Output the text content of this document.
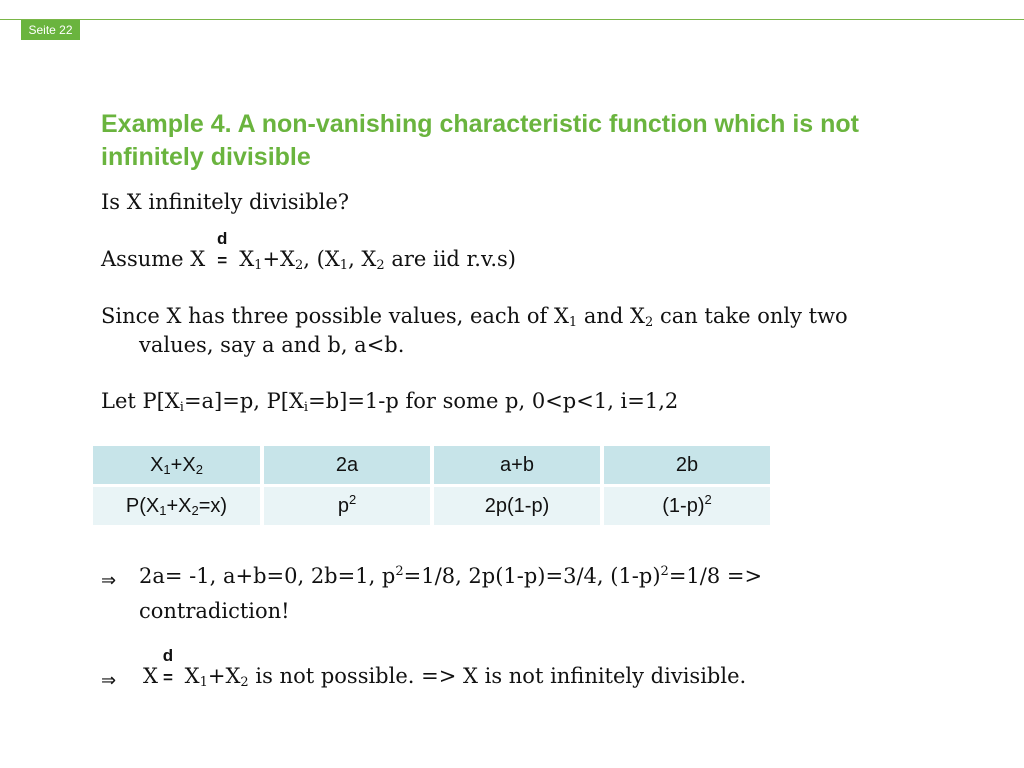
Seite 22
Example 4. A non-vanishing characteristic function which is not infinitely divisible
Is X infinitely divisible?
Assume X
d
= $X_1+X_2$, ($X_1$, $X_2$ are iid r.v.s)
Since X has three possible values, each of $X_1$ and $X_2$ can take only two
values, say a and b, a<b.
Let $P[X_i=a]=p$, $P[X_i=b]=1-p$ for some p, 0<p<1, i=1,2
$X_1+X_2$	2a	a+b	2b
$P(X_1+X_2=x)$	$p^2$	2p(1-p)	$(1-p)^2$
⇒ 2a= -1, a+b=0, 2b=1, $p^2=1/8$, 2p(1-p)=3/4, $(1-p)^2=1/8$ =>
contradiction!
⇒ X
d
= $X_1+X_2$ is not possible. => X is not infinitely divisible.
